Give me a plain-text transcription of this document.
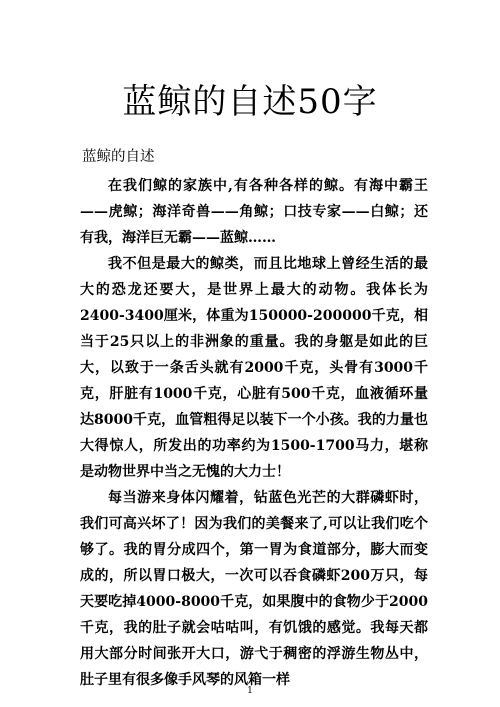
蓝鲸的自述50字
蓝鲸的自述

在我们鲸的家族中,有各种各样的鲸。有海中霸王——虎鲸；海洋奇兽——角鲸；口技专家——白鲸；还有我，海洋巨无霸——蓝鲸……

我不但是最大的鲸类，而且比地球上曾经生活的最大的恐龙还要大，是世界上最大的动物。我体长为2400-3400厘米，体重为150000-200000千克，相当于25只以上的非洲象的重量。我的身躯是如此的巨大，以致于一条舌头就有2000千克，头骨有3000千克，肝脏有1000千克，心脏有500千克，血液循环量达8000千克，血管粗得足以装下一个小孩。我的力量也大得惊人，所发出的功率约为1500-1700马力，堪称是动物世界中当之无愧的大力士！

每当游来身体闪耀着，钻蓝色光芒的大群磷虾时，我们可高兴坏了！因为我们的美餐来了,可以让我们吃个够了。我的胃分成四个，第一胃为食道部分，膨大而变成的，所以胃口极大，一次可以吞食磷虾200万只，每天要吃掉4000-8000千克，如果腹中的食物少于2000千克，我的肚子就会咕咕叫，有饥饿的感觉。我每天都用大部分时间张开大口，游弋于稠密的浮游生物丛中，肚子里有很多像手风琴的风箱一样

1
